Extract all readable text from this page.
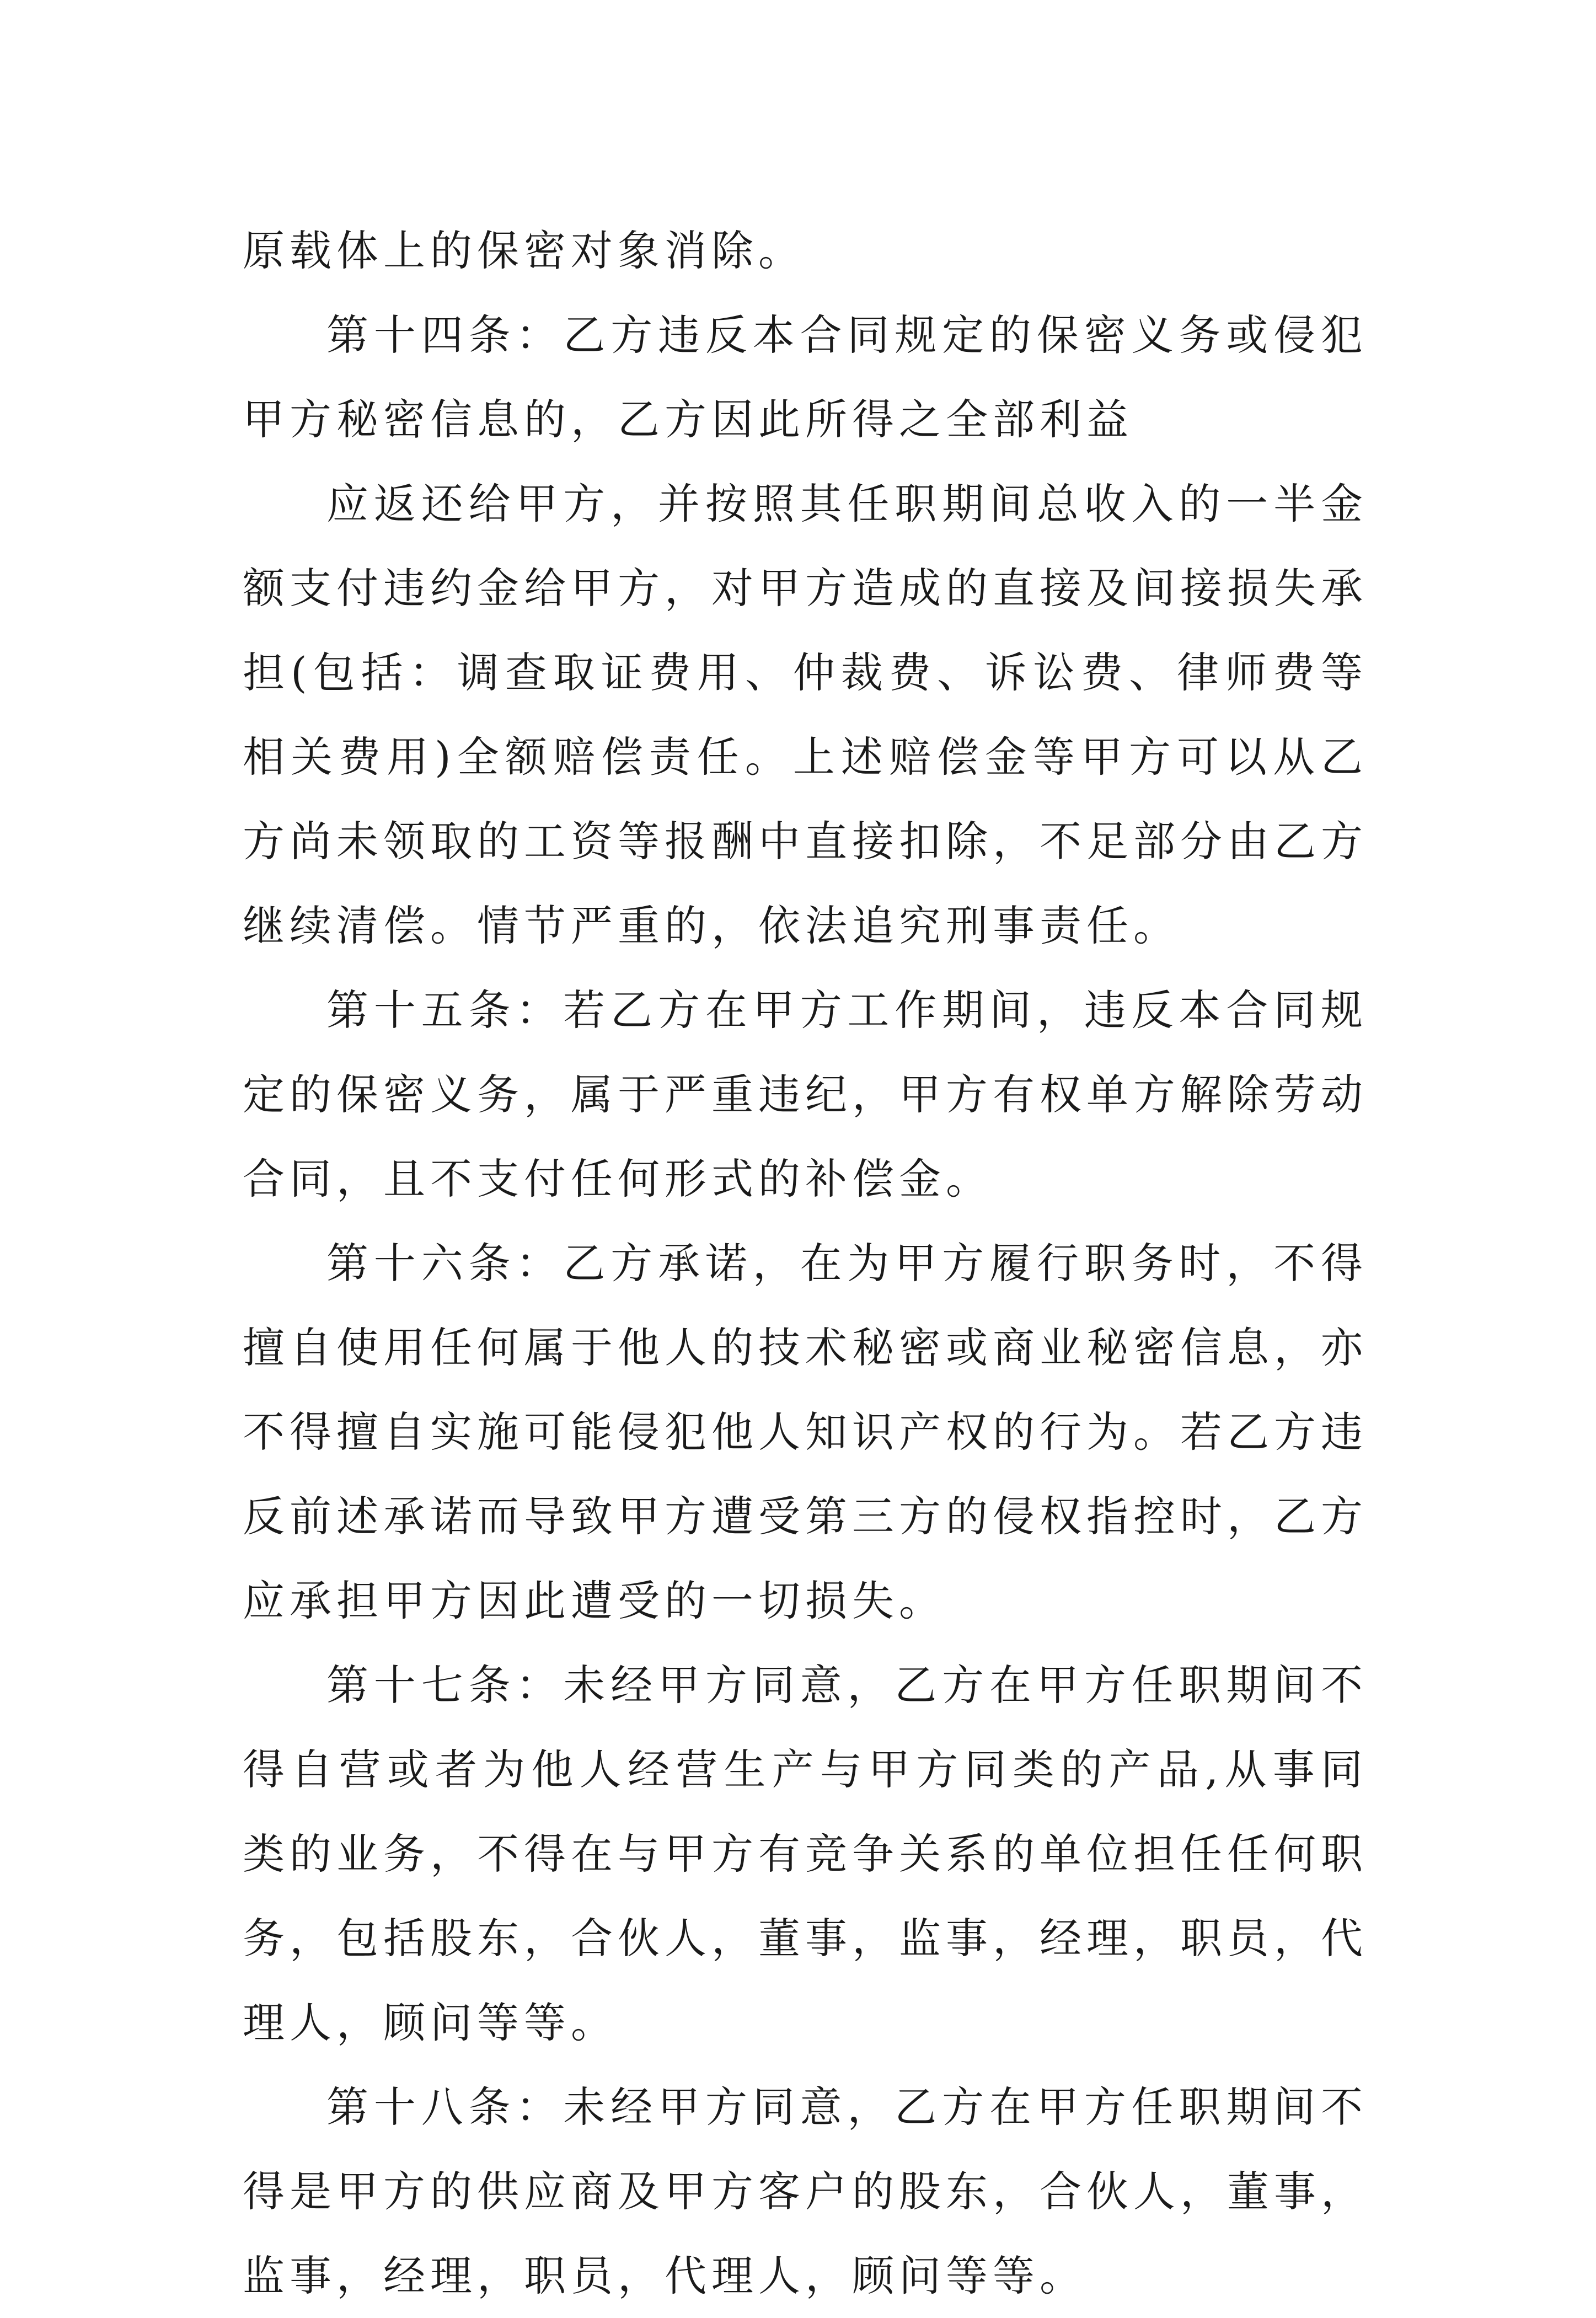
原载体上的保密对象消除。

第十四条：乙方违反本合同规定的保密义务或侵犯甲方秘密信息的，乙方因此所得之全部利益

应返还给甲方，并按照其任职期间总收入的一半金额支付违约金给甲方，对甲方造成的直接及间接损失承担(包括：调查取证费用、仲裁费、诉讼费、律师费等相关费用)全额赔偿责任。上述赔偿金等甲方可以从乙方尚未领取的工资等报酬中直接扣除，不足部分由乙方继续清偿。情节严重的，依法追究刑事责任。

第十五条：若乙方在甲方工作期间，违反本合同规定的保密义务，属于严重违纪，甲方有权单方解除劳动合同，且不支付任何形式的补偿金。

第十六条：乙方承诺，在为甲方履行职务时，不得擅自使用任何属于他人的技术秘密或商业秘密信息，亦不得擅自实施可能侵犯他人知识产权的行为。若乙方违反前述承诺而导致甲方遭受第三方的侵权指控时，乙方应承担甲方因此遭受的一切损失。

第十七条：未经甲方同意，乙方在甲方任职期间不得自营或者为他人经营生产与甲方同类的产品,从事同类的业务，不得在与甲方有竞争关系的单位担任任何职务，包括股东，合伙人，董事，监事，经理，职员，代理人，顾问等等。

第十八条：未经甲方同意，乙方在甲方任职期间不得是甲方的供应商及甲方客户的股东，合伙人，董事，监事，经理，职员，代理人，顾问等等。
